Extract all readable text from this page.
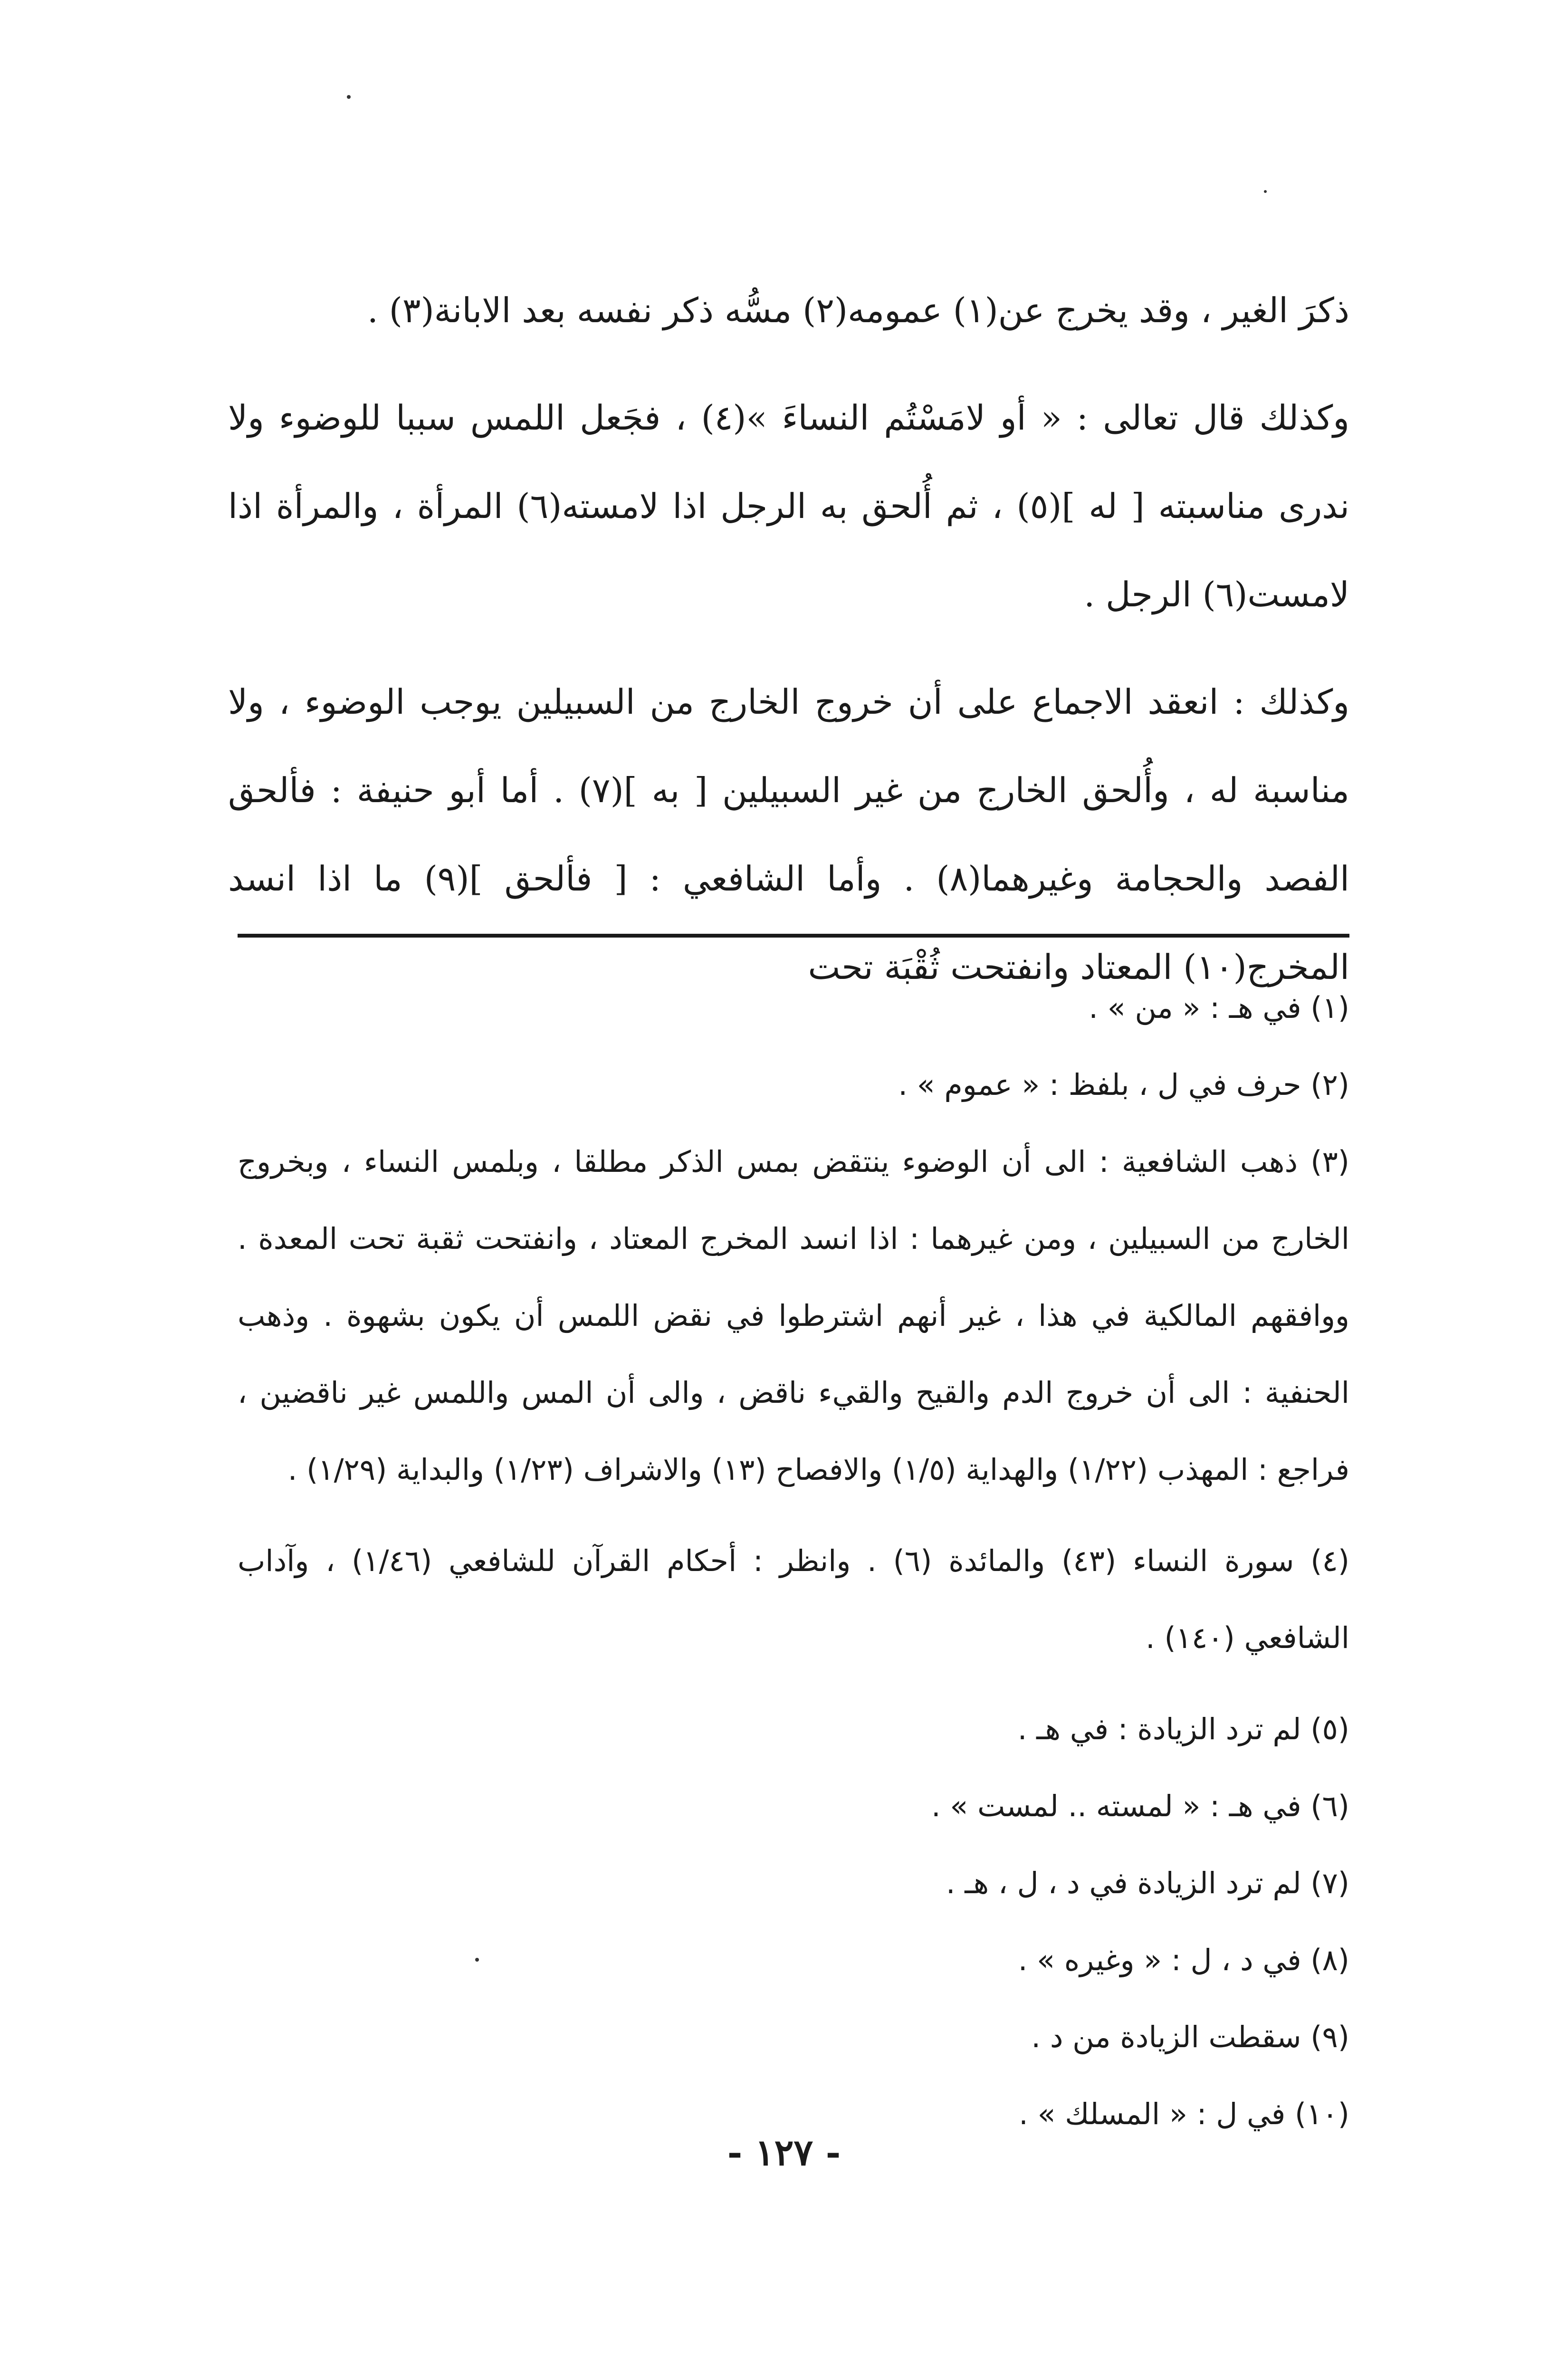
ذكرَ الغير ، وقد يخرج عن(١) عمومه(٢) مسُّه ذكر نفسه بعد الابانة(٣) .

وكذلك قال تعالى : « أو لامَسْتُم النساءَ »(٤) ، فجَعل اللمس سببا للوضوء ولا ندرى مناسبته [ له ](٥) ، ثم أُلحق به الرجل اذا لامسته(٦) المرأة ، والمرأة اذا لامست(٦) الرجل .

وكذلك : انعقد الاجماع على أن خروج الخارج من السبيلين يوجب الوضوء ، ولا مناسبة له ، وأُلحق الخارج من غير السبيلين [ به ](٧) . أما أبو حنيفة : فألحق الفصد والحجامة وغيرهما(٨) . وأما الشافعي : [ فألحق ](٩) ما اذا انسد المخرج(١٠) المعتاد وانفتحت ثُقْبَة تحت

(١) في هـ : « من » .

(٢) حرف في ل ، بلفظ : « عموم » .

(٣) ذهب الشافعية : الى أن الوضوء ينتقض بمس الذكر مطلقا ، وبلمس النساء ، وبخروج الخارج من السبيلين ، ومن غيرهما : اذا انسد المخرج المعتاد ، وانفتحت ثقبة تحت المعدة . ووافقهم المالكية في هذا ، غير أنهم اشترطوا في نقض اللمس أن يكون بشهوة . وذهب الحنفية : الى أن خروج الدم والقيح والقيء ناقض ، والى أن المس واللمس غير ناقضين ، فراجع : المهذب (١/٢٢) والهداية (١/٥) والافصاح (١٣) والاشراف (١/٢٣) والبداية (١/٢٩) .

(٤) سورة النساء (٤٣) والمائدة (٦) . وانظر : أحكام القرآن للشافعي (١/٤٦) ، وآداب الشافعي (١٤٠) .

(٥) لم ترد الزيادة : في هـ .

(٦) في هـ : « لمسته .. لمست » .

(٧) لم ترد الزيادة في د ، ل ، هـ .

(٨) في د ، ل : « وغيره » .

(٩) سقطت الزيادة من د .

(١٠) في ل : « المسلك » .

- ١٢٧ -
